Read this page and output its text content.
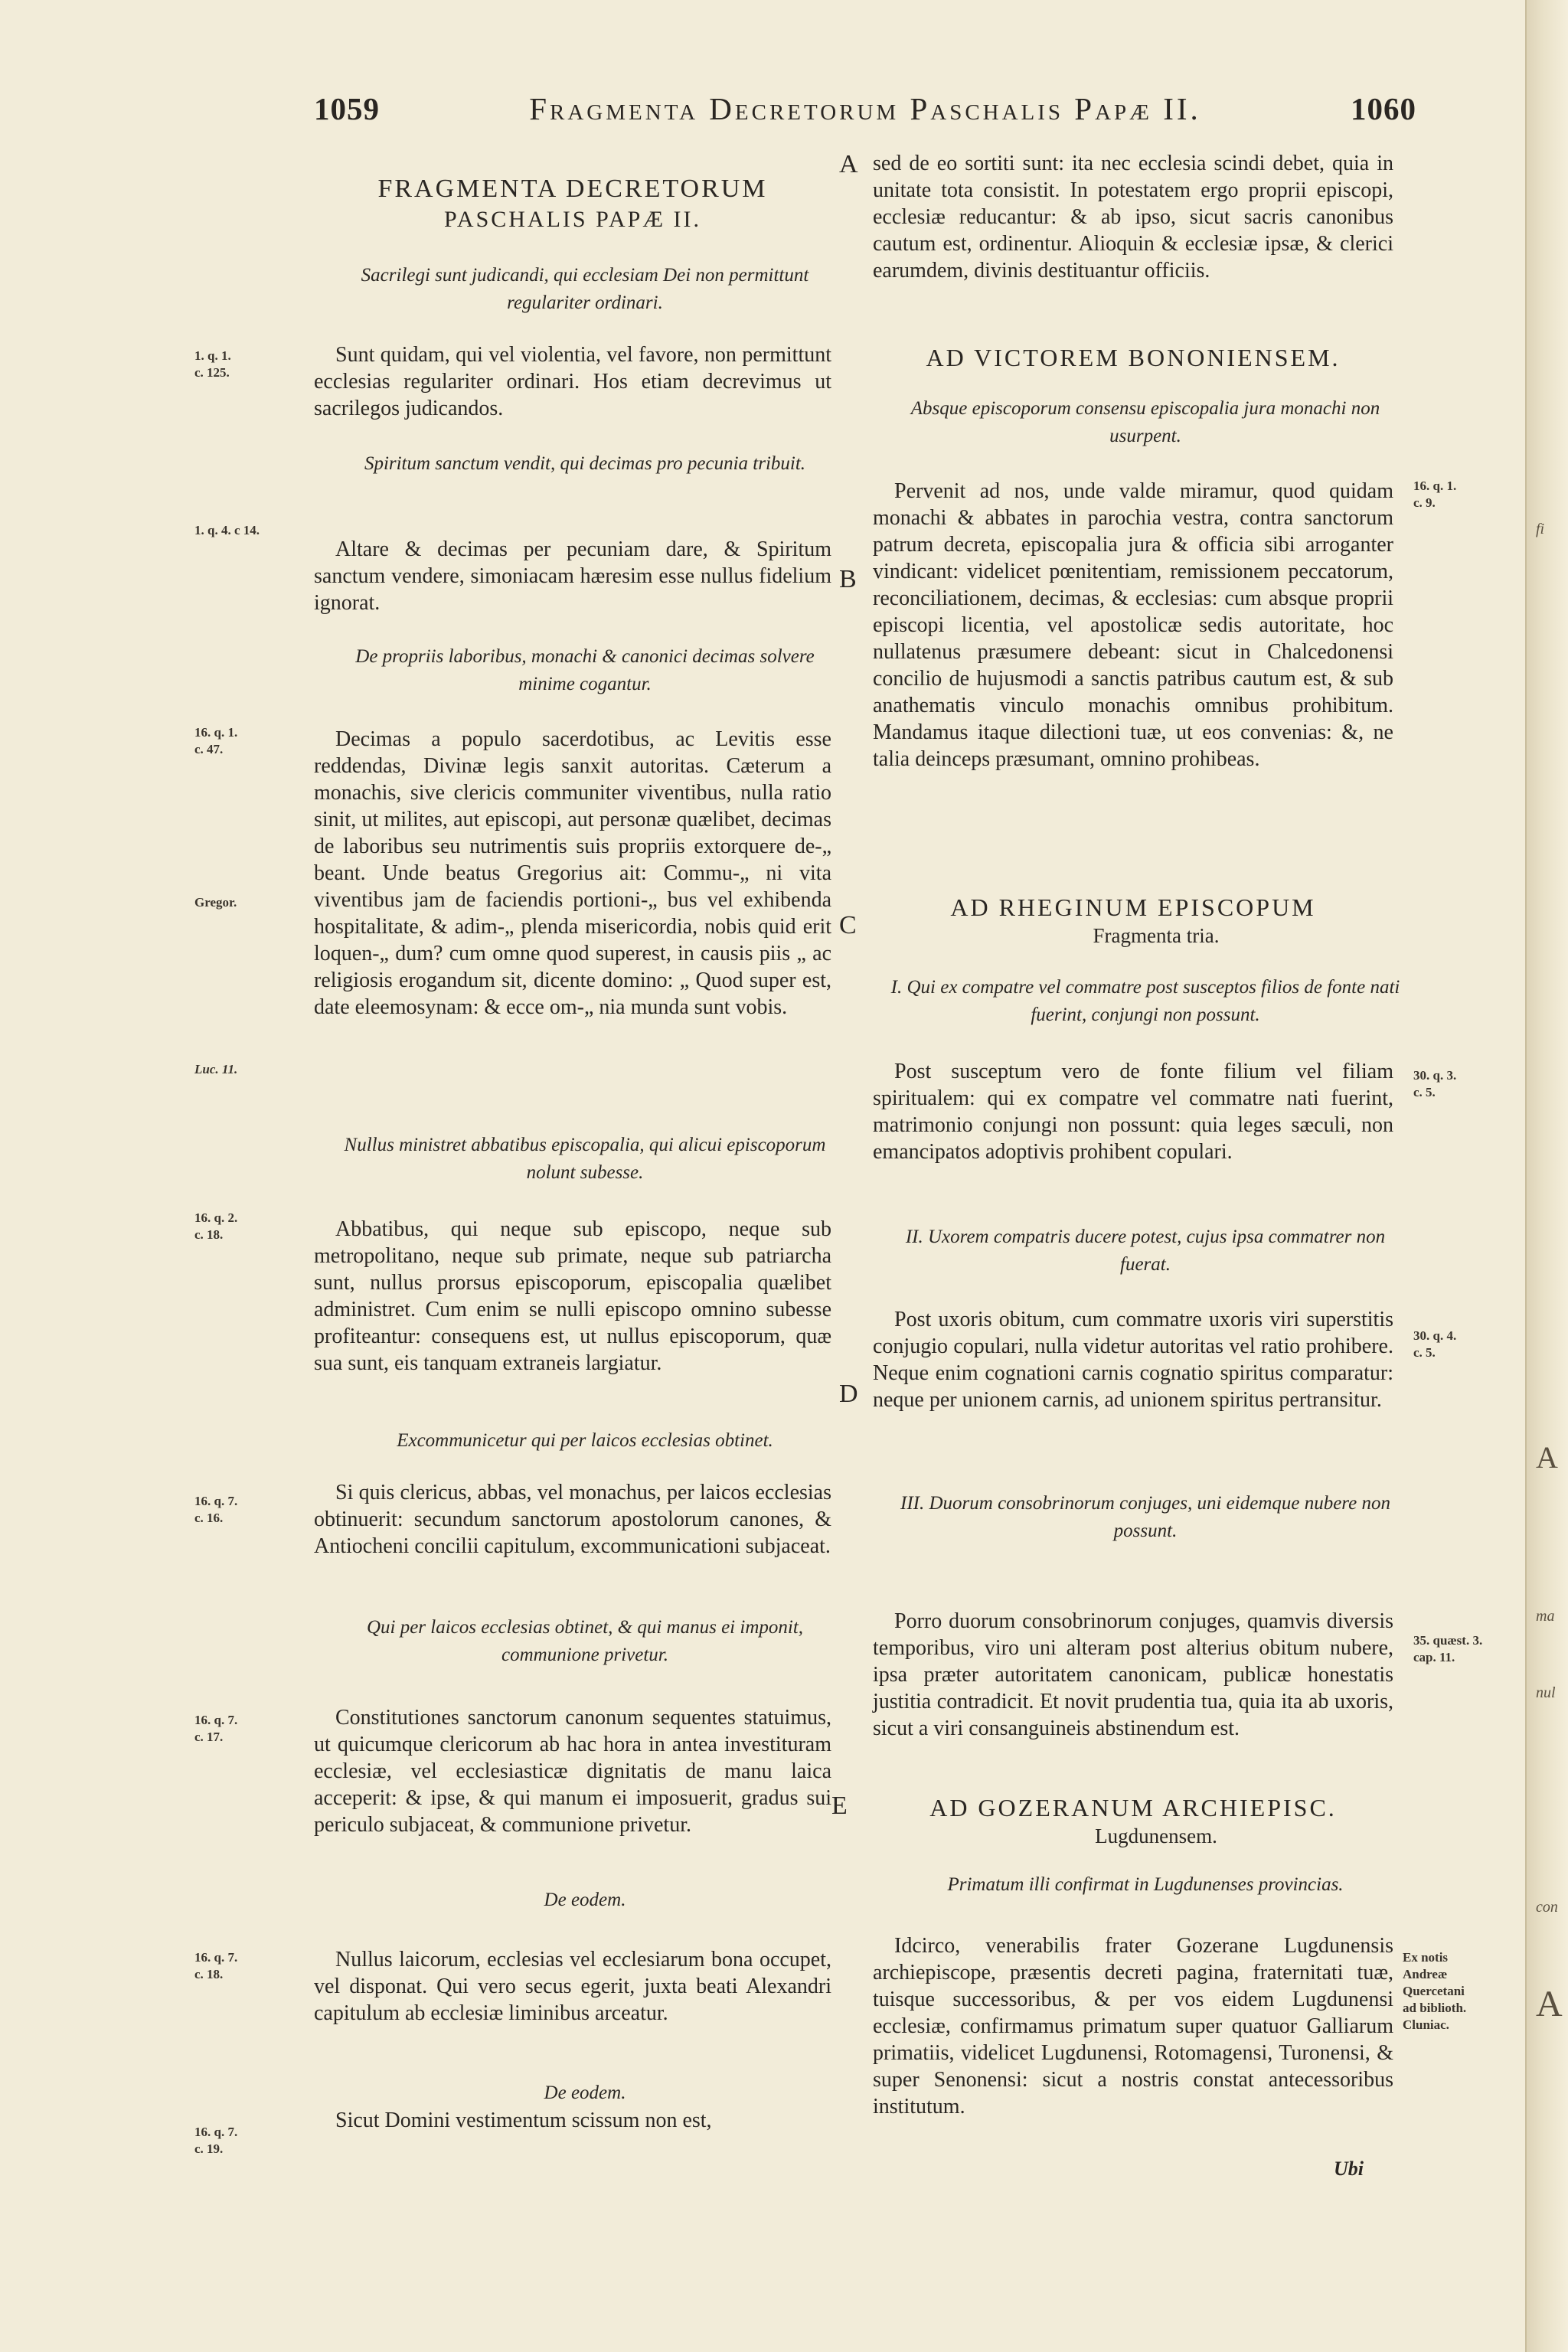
1059	Fragmenta Decretorum Paschalis Papæ II.	1060
A
B
C
D
E
FRAGMENTA DECRETORUM
PASCHALIS PAPÆ II.
Sacrilegi sunt judicandi, qui ecclesiam Dei non permittunt regulariter ordinari.
Sunt quidam, qui vel violentia, vel favore, non permittunt ecclesias regulariter ordinari. Hos etiam decrevimus ut sacrilegos judicandos.
Spiritum sanctum vendit, qui decimas pro pecunia tribuit.
Altare & decimas per pecuniam dare, & Spiritum sanctum vendere, simoniacam hæresim esse nullus fidelium ignorat.
De propriis laboribus, monachi & canonici decimas solvere minime cogantur.
Decimas a populo sacerdotibus, ac Levitis esse reddendas, Divinæ legis sanxit autoritas. Cæterum a monachis, sive clericis communiter viventibus, nulla ratio sinit, ut milites, aut episcopi, aut personæ quælibet, decimas de laboribus seu nutrimentis suis propriis extorquere de-„ beant. Unde beatus Gregorius ait: Commu-„ ni vita viventibus jam de faciendis portioni-„ bus vel exhibenda hospitalitate, & adim-„ plenda misericordia, nobis quid erit loquen-„ dum? cum omne quod superest, in causis piis „ ac religiosis erogandum sit, dicente domino: „ Quod super est, date eleemosynam: & ecce om-„ nia munda sunt vobis.
Nullus ministret abbatibus episcopalia, qui alicui episcoporum nolunt subesse.
Abbatibus, qui neque sub episcopo, neque sub metropolitano, neque sub primate, neque sub patriarcha sunt, nullus prorsus episcoporum, episcopalia quælibet administret. Cum enim se nulli episcopo omnino subesse profiteantur: consequens est, ut nullus episcoporum, quæ sua sunt, eis tanquam extraneis largiatur.
Excommunicetur qui per laicos ecclesias obtinet.
Si quis clericus, abbas, vel monachus, per laicos ecclesias obtinuerit: secundum sanctorum apostolorum canones, & Antiocheni concilii capitulum, excommunicationi subjaceat.
Qui per laicos ecclesias obtinet, & qui manus ei imponit, communione privetur.
Constitutiones sanctorum canonum sequentes statuimus, ut quicumque clericorum ab hac hora in antea investituram ecclesiæ, vel ecclesiasticæ dignitatis de manu laica acceperit: & ipse, & qui manum ei imposuerit, gradus sui periculo subjaceat, & communione privetur.
De eodem.
Nullus laicorum, ecclesias vel ecclesiarum bona occupet, vel disponat. Qui vero secus egerit, juxta beati Alexandri capitulum ab ecclesiæ liminibus arceatur.
De eodem.
Sicut Domini vestimentum scissum non est,
1. q. 1.
c. 125.
1. q. 4. c 14.
16. q. 1.
c. 47.
Gregor.
Luc. 11.
16. q. 2.
c. 18.
16. q. 7.
c. 16.
16. q. 7.
c. 17.
16. q. 7.
c. 18.
16. q. 7.
c. 19.
sed de eo sortiti sunt: ita nec ecclesia scindi debet, quia in unitate tota consistit. In potestatem ergo proprii episcopi, ecclesiæ reducantur: & ab ipso, sicut sacris canonibus cautum est, ordinentur. Alioquin & ecclesiæ ipsæ, & clerici earumdem, divinis destituantur officiis.
AD VICTOREM BONONIENSEM.
Absque episcoporum consensu episcopalia jura monachi non usurpent.
Pervenit ad nos, unde valde miramur, quod quidam monachi & abbates in parochia vestra, contra sanctorum patrum decreta, episcopalia jura & officia sibi arroganter vindicant: videlicet pœnitentiam, remissionem peccatorum, reconciliationem, decimas, & ecclesias: cum absque proprii episcopi licentia, vel apostolicæ sedis autoritate, hoc nullatenus præsumere debeant: sicut in Chalcedonensi concilio de hujusmodi a sanctis patribus cautum est, & sub anathematis vinculo monachis omnibus prohibitum. Mandamus itaque dilectioni tuæ, ut eos convenias: &, ne talia deinceps præsumant, omnino prohibeas.
AD RHEGINUM EPISCOPUM
Fragmenta tria.
I. Qui ex compatre vel commatre post susceptos filios de fonte nati fuerint, conjungi non possunt.
Post susceptum vero de fonte filium vel filiam spiritualem: qui ex compatre vel commatre nati fuerint, matrimonio conjungi non possunt: quia leges sæculi, non emancipatos adoptivis prohibent copulari.
II. Uxorem compatris ducere potest, cujus ipsa commatrer non fuerat.
Post uxoris obitum, cum commatre uxoris viri superstitis conjugio copulari, nulla videtur autoritas vel ratio prohibere. Neque enim cognationi carnis cognatio spiritus comparatur: neque per unionem carnis, ad unionem spiritus pertransitur.
III. Duorum consobrinorum conjuges, uni eidemque nubere non possunt.
Porro duorum consobrinorum conjuges, quamvis diversis temporibus, viro uni alteram post alterius obitum nubere, ipsa præter autoritatem canonicam, publicæ honestatis justitia contradicit. Et novit prudentia tua, quia ita ab uxoris, sicut a viri consanguineis abstinendum est.
AD GOZERANUM ARCHIEPISC.
Lugdunensem.
Primatum illi confirmat in Lugdunenses provincias.
Idcirco, venerabilis frater Gozerane Lugdunensis archiepiscope, præsentis decreti pagina, fraternitati tuæ, tuisque successoribus, & per vos eidem Lugdunensi ecclesiæ, confirmamus primatum super quatuor Galliarum primatiis, videlicet Lugdunensi, Rotomagensi, Turonensi, & super Senonensi: sicut a nostris constat antecessoribus institutum.
16. q. 1.
c. 9.
30. q. 3.
c. 5.
30. q. 4.
c. 5.
35. quæst. 3.
cap. 11.
Ex notis
Andreæ
Quercetani
ad biblioth.
Cluniac.
Ubi
fi
A
ma
nul
con
A
